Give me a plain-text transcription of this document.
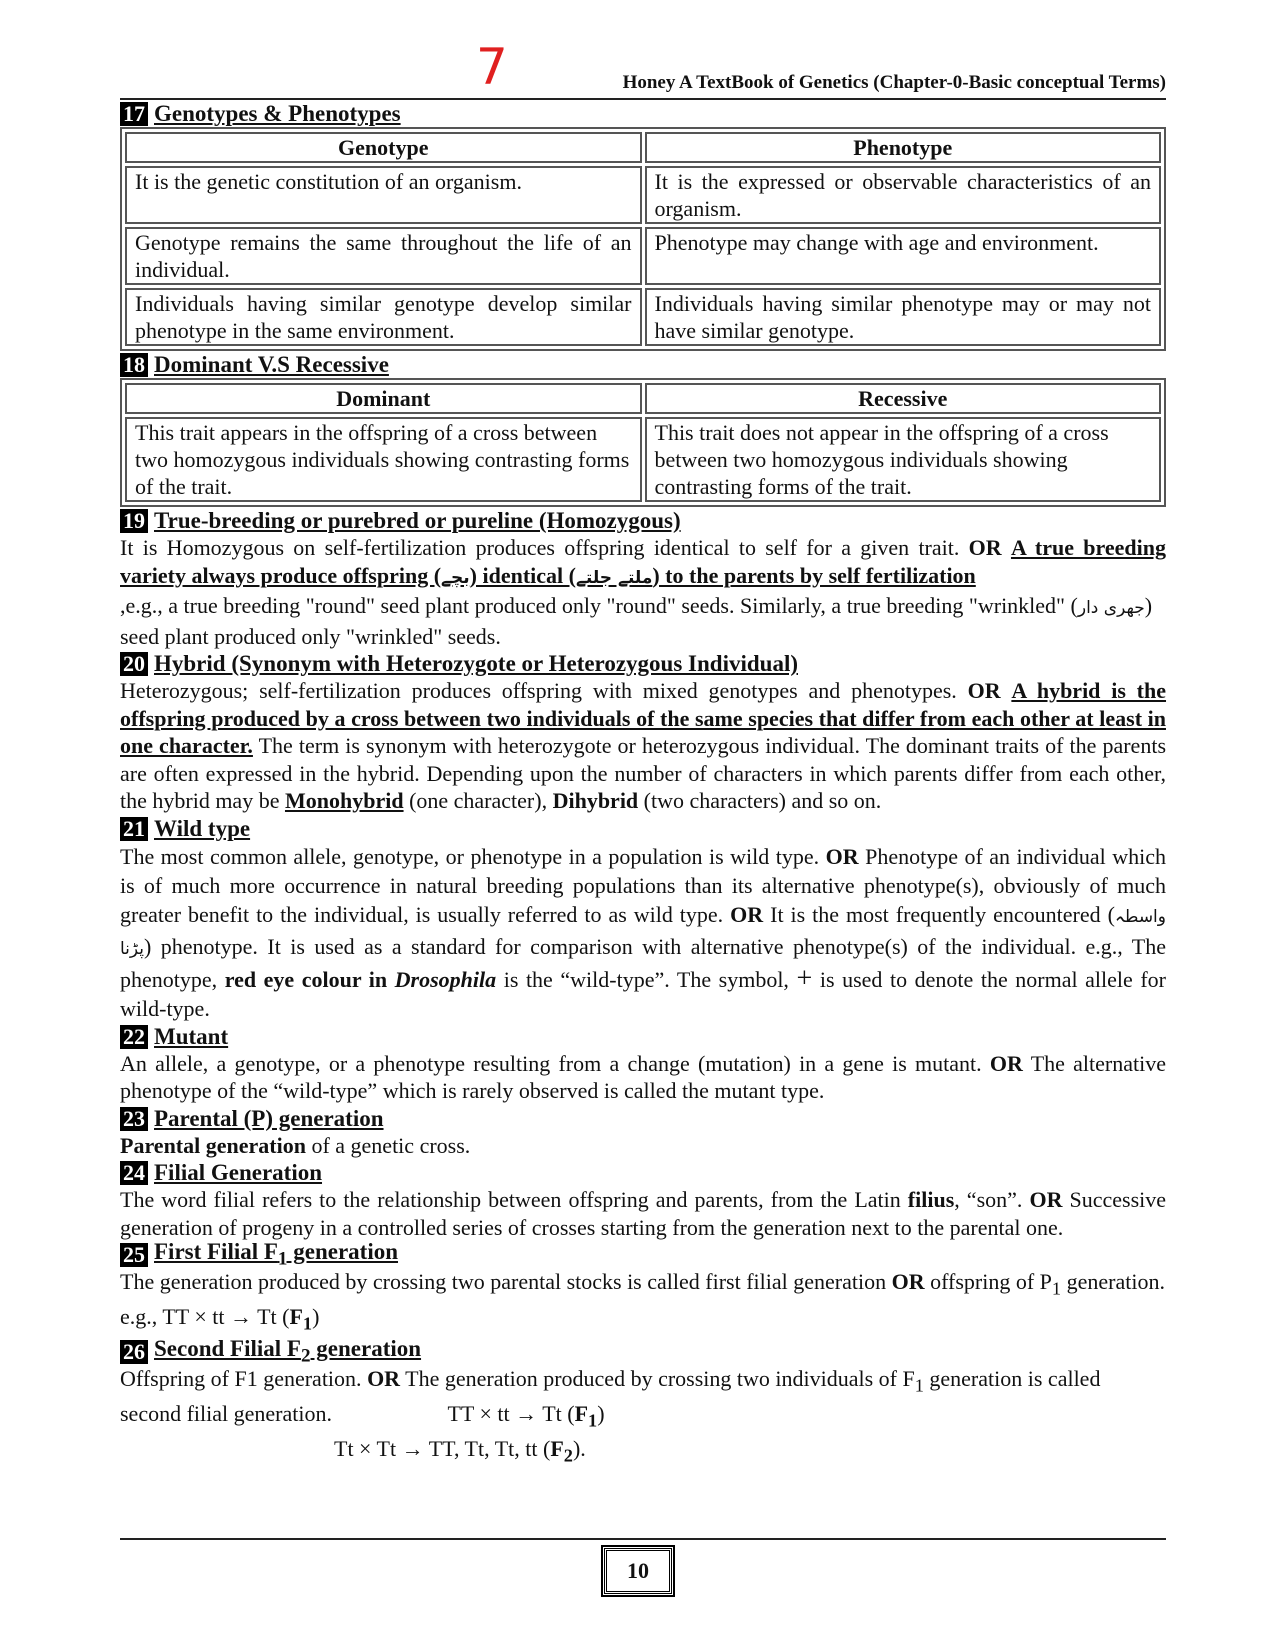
7	Honey A TextBook of Genetics (Chapter-0-Basic conceptual Terms)
17 Genotypes & Phenotypes
Genotype	Phenotype
It is the genetic constitution of an organism.	It is the expressed or observable characteristics of an organism.
Genotype remains the same throughout the life of an individual.	Phenotype may change with age and environment.
Individuals having similar genotype develop similar phenotype in the same environment.	Individuals having similar phenotype may or may not have similar genotype.
18 Dominant V.S Recessive
Dominant	Recessive
This trait appears in the offspring of a cross between two homozygous individuals showing contrasting forms of the trait.	This trait does not appear in the offspring of a cross between two homozygous individuals showing contrasting forms of the trait.
19 True-breeding or purebred or pureline (Homozygous)

It is Homozygous on self-fertilization produces offspring identical to self for a given trait. OR A true breeding variety always produce offspring (بچے) identical (ملتے جلتے) to the parents by self fertilization

,e.g., a true breeding "round" seed plant produced only "round" seeds. Similarly, a true breeding "wrinkled" (جھری دار) seed plant produced only "wrinkled" seeds.

20 Hybrid (Synonym with Heterozygote or Heterozygous Individual)

Heterozygous; self-fertilization produces offspring with mixed genotypes and phenotypes. OR A hybrid is the offspring produced by a cross between two individuals of the same species that differ from each other at least in one character. The term is synonym with heterozygote or heterozygous individual. The dominant traits of the parents are often expressed in the hybrid. Depending upon the number of characters in which parents differ from each other, the hybrid may be Monohybrid (one character), Dihybrid (two characters) and so on.

21 Wild type

The most common allele, genotype, or phenotype in a population is wild type. OR Phenotype of an individual which is of much more occurrence in natural breeding populations than its alternative phenotype(s), obviously of much greater benefit to the individual, is usually referred to as wild type. OR It is the most frequently encountered (واسطہ پڑنا) phenotype. It is used as a standard for comparison with alternative phenotype(s) of the individual. e.g., The phenotype, red eye colour in Drosophila is the “wild-type”. The symbol, + is used to denote the normal allele for wild-type.

22 Mutant

An allele, a genotype, or a phenotype resulting from a change (mutation) in a gene is mutant. OR The alternative phenotype of the “wild-type” which is rarely observed is called the mutant type.

23 Parental (P) generation

Parental generation of a genetic cross.

24 Filial Generation

The word filial refers to the relationship between offspring and parents, from the Latin filius, “son”. OR Successive generation of progeny in a controlled series of crosses starting from the generation next to the parental one.

25 First Filial $F_1$ generation

The generation produced by crossing two parental stocks is called first filial generation OR offspring of $P_1$ generation. e.g., TT × tt → Tt $(F_1)$

26 Second Filial $F_2$ generation

Offspring of F1 generation. OR The generation produced by crossing two individuals of $F_1$ generation is called second filial generation.	TT × tt → Tt $(F_1)$

Tt × Tt → TT, Tt, Tt, tt $(F_2)$.

10
